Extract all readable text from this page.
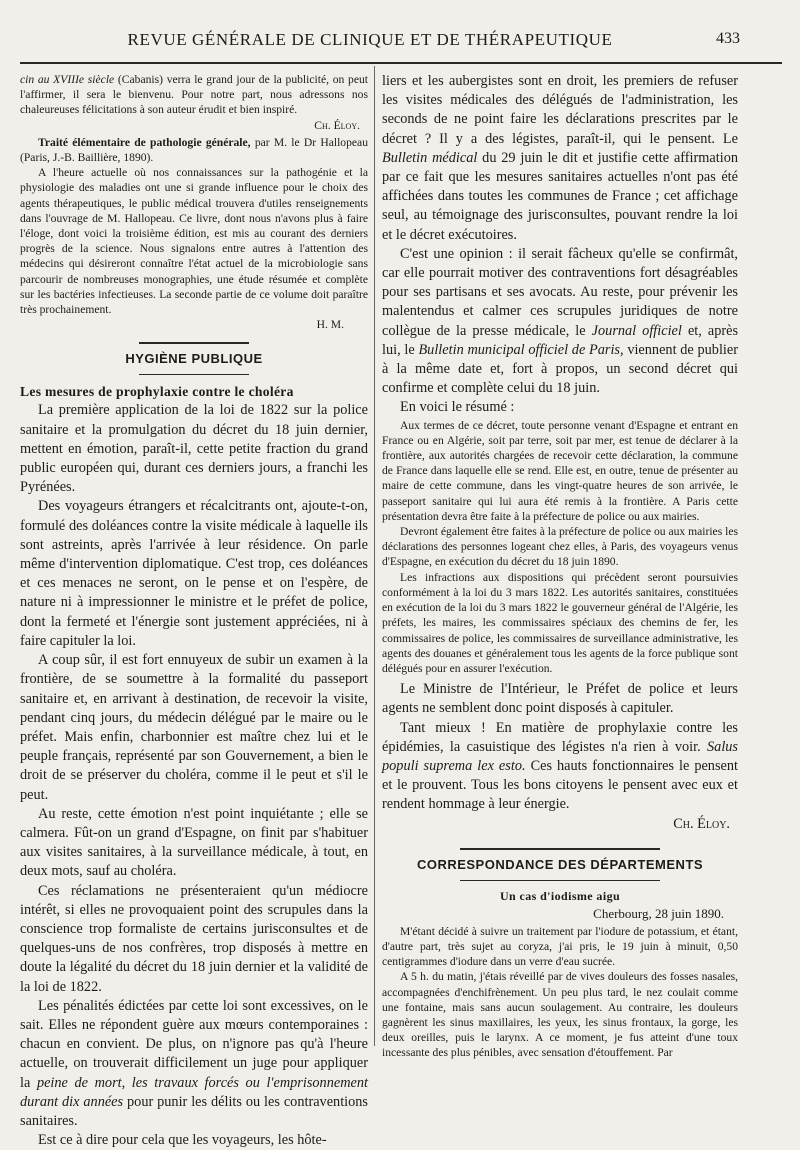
REVUE GÉNÉRALE DE CLINIQUE ET DE THÉRAPEUTIQUE	433

cin au XVIIIe siècle (Cabanis) verra le grand jour de la publicité, on peut l'affirmer, il sera le bienvenu. Pour notre part, nous adressons nos chaleureuses félicitations à son auteur érudit et bien inspiré.

Ch. Éloy.

Traité élémentaire de pathologie générale, par M. le Dr Hallopeau (Paris, J.-B. Baillière, 1890).

A l'heure actuelle où nos connaissances sur la pathogénie et la physiologie des maladies ont une si grande influence pour le choix des agents thérapeutiques, le public médical trouvera d'utiles renseignements dans l'ouvrage de M. Hallopeau. Ce livre, dont nous n'avons plus à faire l'éloge, dont voici la troisième édition, est mis au courant des derniers progrès de la science. Nous signalons entre autres à l'attention des médecins qui désireront connaître l'état actuel de la microbiologie sans parcourir de nombreuses monographies, une étude résumée et complète sur les bactéries infectieuses. La seconde partie de ce volume doit paraître très prochainement.

H. M.

HYGIÈNE PUBLIQUE

Les mesures de prophylaxie contre le choléra

La première application de la loi de 1822 sur la police sanitaire et la promulgation du décret du 18 juin dernier, mettent en émotion, paraît-il, cette petite fraction du grand public européen qui, durant ces derniers jours, a franchi les Pyrénées.

Des voyageurs étrangers et récalcitrants ont, ajoute-t-on, formulé des doléances contre la visite médicale à laquelle ils sont astreints, après l'arrivée à leur résidence. On parle même d'intervention diplomatique. C'est trop, ces doléances et ces menaces ne seront, on le pense et on l'espère, de nature ni à impressionner le ministre et le préfet de police, dont la fermeté et l'énergie sont justement appréciées, ni à faire capituler la loi.

A coup sûr, il est fort ennuyeux de subir un examen à la frontière, de se soumettre à la formalité du passeport sanitaire et, en arrivant à destination, de recevoir la visite, pendant cinq jours, du médecin délégué par le maire ou le préfet. Mais enfin, charbonnier est maître chez lui et le peuple français, représenté par son Gouvernement, a bien le droit de se préserver du choléra, comme il le peut et s'il le peut.

Au reste, cette émotion n'est point inquiétante ; elle se calmera. Fût-on un grand d'Espagne, on finit par s'habituer aux visites sanitaires, à la surveillance médicale, à tout, en deux mots, sauf au choléra.

Ces réclamations ne présenteraient qu'un médiocre intérêt, si elles ne provoquaient point des scrupules dans la conscience trop formaliste de certains jurisconsultes et de quelques-uns de nos confrères, trop disposés à mettre en doute la légalité du décret du 18 juin dernier et la validité de la loi de 1822.

Les pénalités édictées par cette loi sont excessives, on le sait. Elles ne répondent guère aux mœurs contemporaines : chacun en convient. De plus, on n'ignore pas qu'à l'heure actuelle, on trouverait difficilement un juge pour appliquer la peine de mort, les travaux forcés ou l'emprisonnement durant dix années pour punir les délits ou les contraventions sanitaires.

Est ce à dire pour cela que les voyageurs, les hôte-

liers et les aubergistes sont en droit, les premiers de refuser les visites médicales des délégués de l'administration, les seconds de ne point faire les déclarations prescrites par le décret ? Il y a des légistes, paraît-il, qui le pensent. Le Bulletin médical du 29 juin le dit et justifie cette affirmation par ce fait que les mesures sanitaires actuelles n'ont pas été affichées dans toutes les communes de France ; cet affichage seul, au témoignage des jurisconsultes, pouvant rendre la loi et le décret exécutoires.

C'est une opinion : il serait fâcheux qu'elle se confirmât, car elle pourrait motiver des contraventions fort désagréables pour ses partisans et ses avocats. Au reste, pour prévenir les malentendus et calmer ces scrupules juridiques de notre collègue de la presse médicale, le Journal officiel et, après lui, le Bulletin municipal officiel de Paris, viennent de publier à la même date et, fort à propos, un second décret qui confirme et complète celui du 18 juin.

En voici le résumé :

Aux termes de ce décret, toute personne venant d'Espagne et entrant en France ou en Algérie, soit par terre, soit par mer, est tenue de déclarer à la frontière, aux autorités chargées de recevoir cette déclaration, la commune de France dans laquelle elle se rend. Elle est, en outre, tenue de présenter au maire de cette commune, dans les vingt-quatre heures de son arrivée, le passeport sanitaire qui lui aura été remis à la frontière. A Paris cette présentation devra être faite à la préfecture de police ou aux mairies.

Devront également être faites à la préfecture de police ou aux mairies les déclarations des personnes logeant chez elles, à Paris, des voyageurs venus d'Espagne, en exécution du décret du 18 juin 1890.

Les infractions aux dispositions qui précèdent seront poursuivies conformément à la loi du 3 mars 1822. Les autorités sanitaires, constituées en exécution de la loi du 3 mars 1822 le gouverneur général de l'Algérie, les préfets, les maires, les commissaires spéciaux des chemins de fer, les commissaires de police, les commissaires de surveillance administrative, les agents des douanes et généralement tous les agents de la force publique sont délégués pour en assurer l'exécution.

Le Ministre de l'Intérieur, le Préfet de police et leurs agents ne semblent donc point disposés à capituler.

Tant mieux ! En matière de prophylaxie contre les épidémies, la casuistique des légistes n'a rien à voir. Salus populi suprema lex esto. Ces hauts fonctionnaires le pensent et le prouvent. Tous les bons citoyens le pensent avec eux et rendent hommage à leur énergie.

Ch. Éloy.

CORRESPONDANCE DES DÉPARTEMENTS

Un cas d'iodisme aigu

Cherbourg, 28 juin 1890.

M'étant décidé à suivre un traitement par l'iodure de potassium, et étant, d'autre part, très sujet au coryza, j'ai pris, le 19 juin à minuit, 0,50 centigrammes d'iodure dans un verre d'eau sucrée.

A 5 h. du matin, j'étais réveillé par de vives douleurs des fosses nasales, accompagnées d'enchifrènement. Un peu plus tard, le nez coulait comme une fontaine, mais sans aucun soulagement. Au contraire, les douleurs gagnèrent les sinus maxillaires, les yeux, les sinus frontaux, la gorge, les deux oreilles, puis le larynx. A ce moment, je fus atteint d'une toux incessante des plus pénibles, avec sensation d'étouffement. Par
